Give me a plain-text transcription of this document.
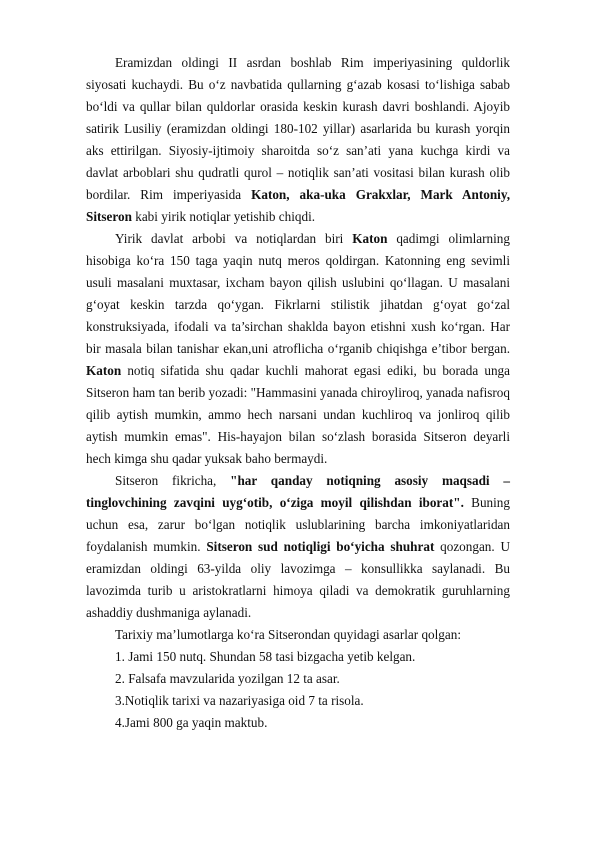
Eramizdan oldingi II asrdan boshlab Rim imperiyasining quldorlik siyosati kuchaydi. Bu o‘z navbatida qullarning g‘azab kosasi to‘lishiga sabab bo‘ldi va qullar bilan quldorlar orasida keskin kurash davri boshlandi. Ajoyib satirik Lusiliy (eramizdan oldingi 180-102 yillar) asarlarida bu kurash yorqin aks ettirilgan. Siyosiy-ijtimoiy sharoitda so‘z san’ati yana kuchga kirdi va davlat arboblari shu qudratli qurol – notiqlik san’ati vositasi bilan kurash olib bordilar. Rim imperiyasida Katon, aka-uka Grakxlar, Mark Antoniy, Sitseron kabi yirik notiqlar yetishib chiqdi.

Yirik davlat arbobi va notiqlardan biri Katon qadimgi olimlarning hisobiga ko‘ra 150 taga yaqin nutq meros qoldirgan. Katonning eng sevimli usuli masalani muxtasar, ixcham bayon qilish uslubini qo‘llagan. U masalani g‘oyat keskin tarzda qo‘ygan. Fikrlarni stilistik jihatdan g‘oyat go‘zal konstruksiyada, ifodali va ta’sirchan shaklda bayon etishni xush ko‘rgan. Har bir masala bilan tanishar ekan,uni atroflicha o‘rganib chiqishga e’tibor bergan. Katon notiq sifatida shu qadar kuchli mahorat egasi ediki, bu borada unga Sitseron ham tan berib yozadi: "Hammasini yanada chiroyliroq, yanada nafisroq qilib aytish mumkin, ammo hech narsani undan kuchliroq va jonliroq qilib aytish mumkin emas". His-hayajon bilan so‘zlash borasida Sitseron deyarli hech kimga shu qadar yuksak baho bermaydi.

Sitseron fikricha, "har qanday notiqning asosiy maqsadi – tinglovchining zavqini uyg‘otib, o‘ziga moyil qilishdan iborat". Buning uchun esa, zarur bo‘lgan notiqlik uslublarining barcha imkoniyatlaridan foydalanish mumkin. Sitseron sud notiqligi bo‘yicha shuhrat qozongan. U eramizdan oldingi 63-yilda oliy lavozimga – konsullikka saylanadi. Bu lavozimda turib u aristokratlarni himoya qiladi va demokratik guruhlarning ashaddiy dushmaniga aylanadi.

Tarixiy ma’lumotlarga ko‘ra Sitserondan quyidagi asarlar qolgan:

1. Jami 150 nutq. Shundan 58 tasi bizgacha yetib kelgan.

2. Falsafa mavzularida yozilgan 12 ta asar.

3.Notiqlik tarixi va nazariyasiga oid 7 ta risola.

4.Jami 800 ga yaqin maktub.
